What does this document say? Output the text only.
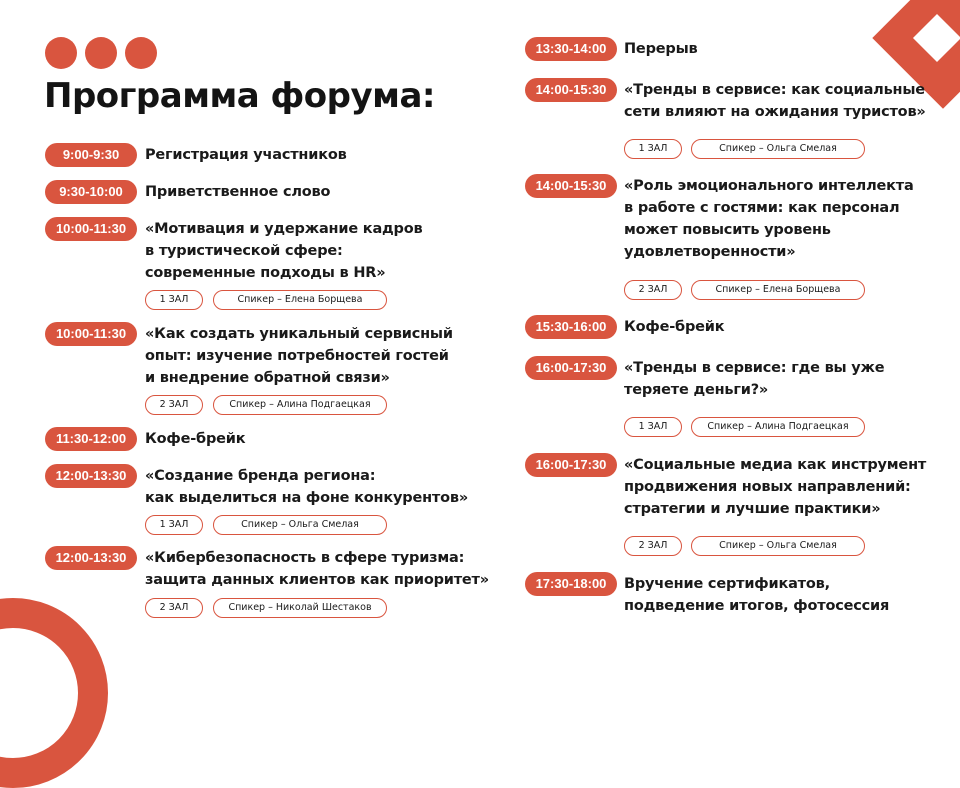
Программа форума:
9:00-9:30	Регистрация участников

9:30-10:00	Приветственное слово

10:00-11:30	«Мотивация и удержание кадров
в туристической сфере:
современные подходы в HR»

1 ЗАЛ	Спикер – Елена Борщева
10:00-11:30	«Как создать уникальный сервисный
опыт: изучение потребностей гостей
и внедрение обратной связи»

2 ЗАЛ	Спикер – Алина Подгаецкая
11:30-12:00	Кофе-брейк

12:00-13:30	«Создание бренда региона:
как выделиться на фоне конкурентов»

1 ЗАЛ	Спикер – Ольга Смелая
12:00-13:30	«Кибербезопасность в сфере туризма:
защита данных клиентов как приоритет»

2 ЗАЛ	Спикер – Николай Шестаков
13:30-14:00	Перерыв

14:00-15:30	«Тренды в сервисе: как социальные
сети влияют на ожидания туристов»

1 ЗАЛ	Спикер – Ольга Смелая
14:00-15:30	«Роль эмоционального интеллекта
в работе с гостями: как персонал
может повысить уровень
удовлетворенности»

2 ЗАЛ	Спикер – Елена Борщева
15:30-16:00	Кофе-брейк

16:00-17:30	«Тренды в сервисе: где вы уже
теряете деньги?»

1 ЗАЛ	Спикер – Алина Подгаецкая
16:00-17:30	«Социальные медиа как инструмент
продвижения новых направлений:
стратегии и лучшие практики»

2 ЗАЛ	Спикер – Ольга Смелая
17:30-18:00	Вручение сертификатов,
подведение итогов, фотосессия
